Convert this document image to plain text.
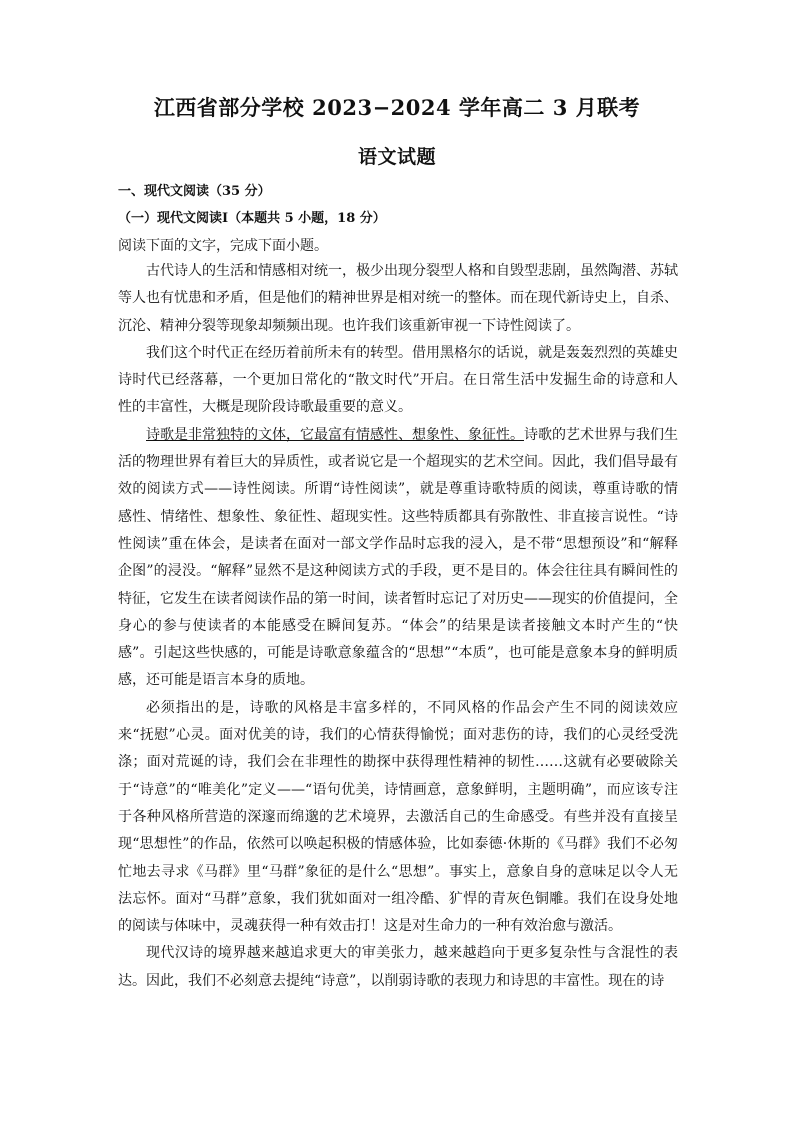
江西省部分学校 2023−2024 学年高二 3 月联考
语文试题
一、现代文阅读（35 分）
（一）现代文阅读Ⅰ（本题共 5 小题，18 分）
阅读下面的文字，完成下面小题。

古代诗人的生活和情感相对统一，极少出现分裂型人格和自毁型悲剧，虽然陶潜、苏轼等人也有忧患和矛盾，但是他们的精神世界是相对统一的整体。而在现代新诗史上，自杀、沉沦、精神分裂等现象却频频出现。也许我们该重新审视一下诗性阅读了。

我们这个时代正在经历着前所未有的转型。借用黑格尔的话说，就是轰轰烈烈的英雄史诗时代已经落幕，一个更加日常化的“散文时代”开启。在日常生活中发掘生命的诗意和人性的丰富性，大概是现阶段诗歌最重要的意义。

诗歌是非常独特的文体，它最富有情感性、想象性、象征性。诗歌的艺术世界与我们生活的物理世界有着巨大的异质性，或者说它是一个超现实的艺术空间。因此，我们倡导最有效的阅读方式——诗性阅读。所谓“诗性阅读”，就是尊重诗歌特质的阅读，尊重诗歌的情感性、情绪性、想象性、象征性、超现实性。这些特质都具有弥散性、非直接言说性。“诗性阅读”重在体会，是读者在面对一部文学作品时忘我的浸入，是不带“思想预设”和“解释企图”的浸没。“解释”显然不是这种阅读方式的手段，更不是目的。体会往往具有瞬间性的特征，它发生在读者阅读作品的第一时间，读者暂时忘记了对历史——现实的价值提问，全身心的参与使读者的本能感受在瞬间复苏。“体会”的结果是读者接触文本时产生的“快感”。引起这些快感的，可能是诗歌意象蕴含的“思想”“本质”，也可能是意象本身的鲜明质感，还可能是语言本身的质地。

必须指出的是，诗歌的风格是丰富多样的，不同风格的作品会产生不同的阅读效应来“抚慰”心灵。面对优美的诗，我们的心情获得愉悦；面对悲伤的诗，我们的心灵经受洗涤；面对荒诞的诗，我们会在非理性的勘探中获得理性精神的韧性……这就有必要破除关于“诗意”的“唯美化”定义——“语句优美，诗情画意，意象鲜明，主题明确”，而应该专注于各种风格所营造的深邃而绵邈的艺术境界，去激活自己的生命感受。有些并没有直接呈现“思想性”的作品，依然可以唤起积极的情感体验，比如泰德·休斯的《马群》我们不必匆忙地去寻求《马群》里“马群”象征的是什么“思想”。事实上，意象自身的意味足以令人无法忘怀。面对“马群”意象，我们犹如面对一组冷酷、犷悍的青灰色铜雕。我们在设身处地的阅读与体味中，灵魂获得一种有效击打！这是对生命力的一种有效治愈与激活。

现代汉诗的境界越来越追求更大的审美张力，越来越趋向于更多复杂性与含混性的表达。因此，我们不必刻意去提纯“诗意”，以削弱诗歌的表现力和诗思的丰富性。现在的诗
